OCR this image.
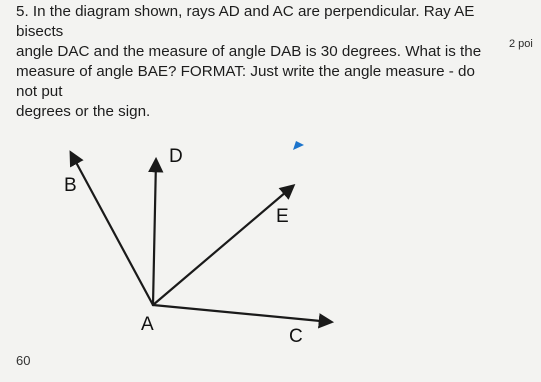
5. In the diagram shown, rays AD and AC are perpendicular. Ray AE bisects
angle DAC and the measure of angle DAB is 30 degrees. What is the
measure of angle BAE? FORMAT: Just write the angle measure - do not put
degrees or the sign.
2 poi
D
B
E
A
C
60
